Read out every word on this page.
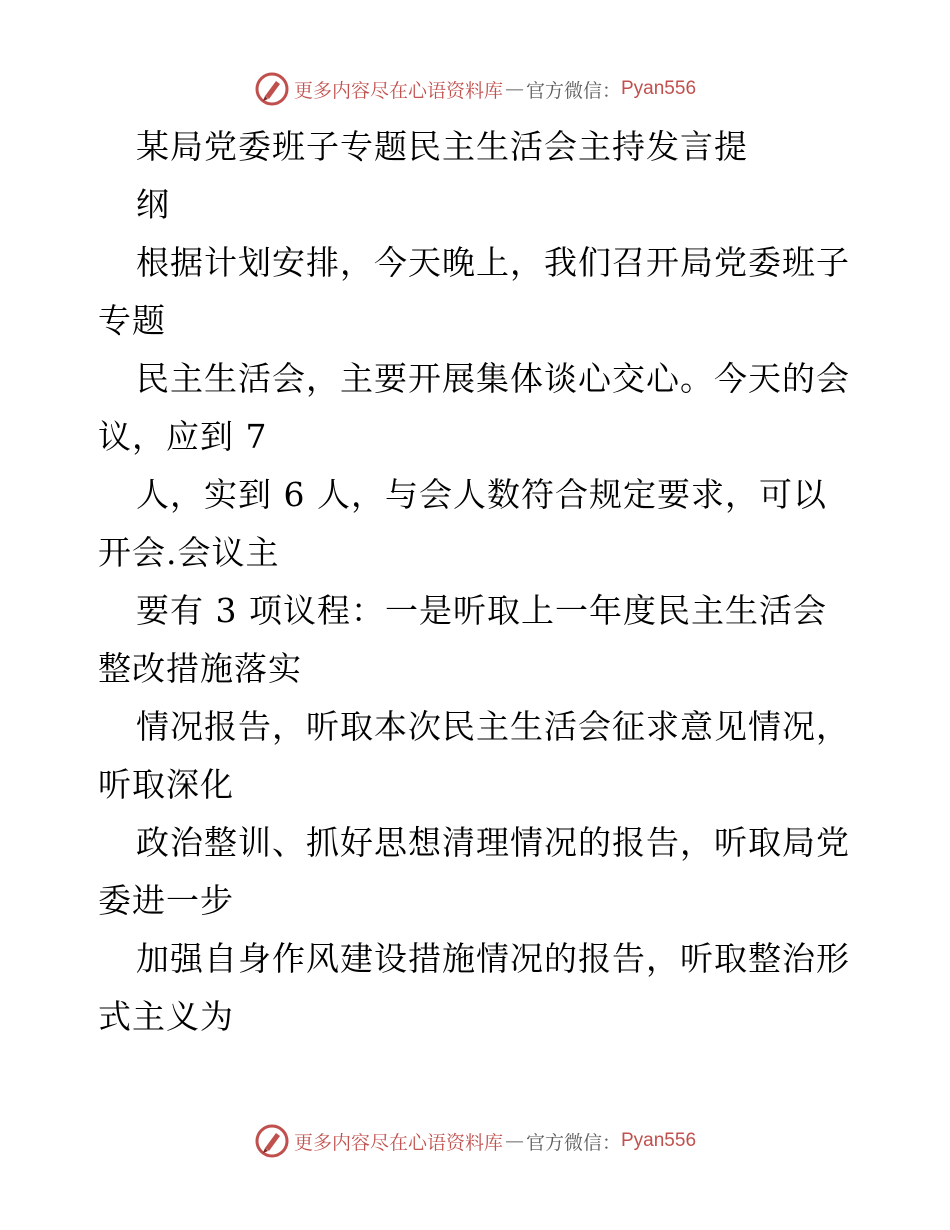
更多内容尽在心语资料库 — 官方微信： Pyan556
某局党委班子专题民主生活会主持发言提
纲
根据计划安排，今天晚上，我们召开局党委班子
专题
民主生活会，主要开展集体谈心交心。今天的会
议，应到 7
人，实到 6 人，与会人数符合规定要求，可以
开会.会议主
要有 3 项议程：一是听取上一年度民主生活会
整改措施落实
情况报告，听取本次民主生活会征求意见情况，
听取深化
政治整训、抓好思想清理情况的报告，听取局党
委进一步
加强自身作风建设措施情况的报告，听取整治形
式主义为
更多内容尽在心语资料库 — 官方微信： Pyan556
